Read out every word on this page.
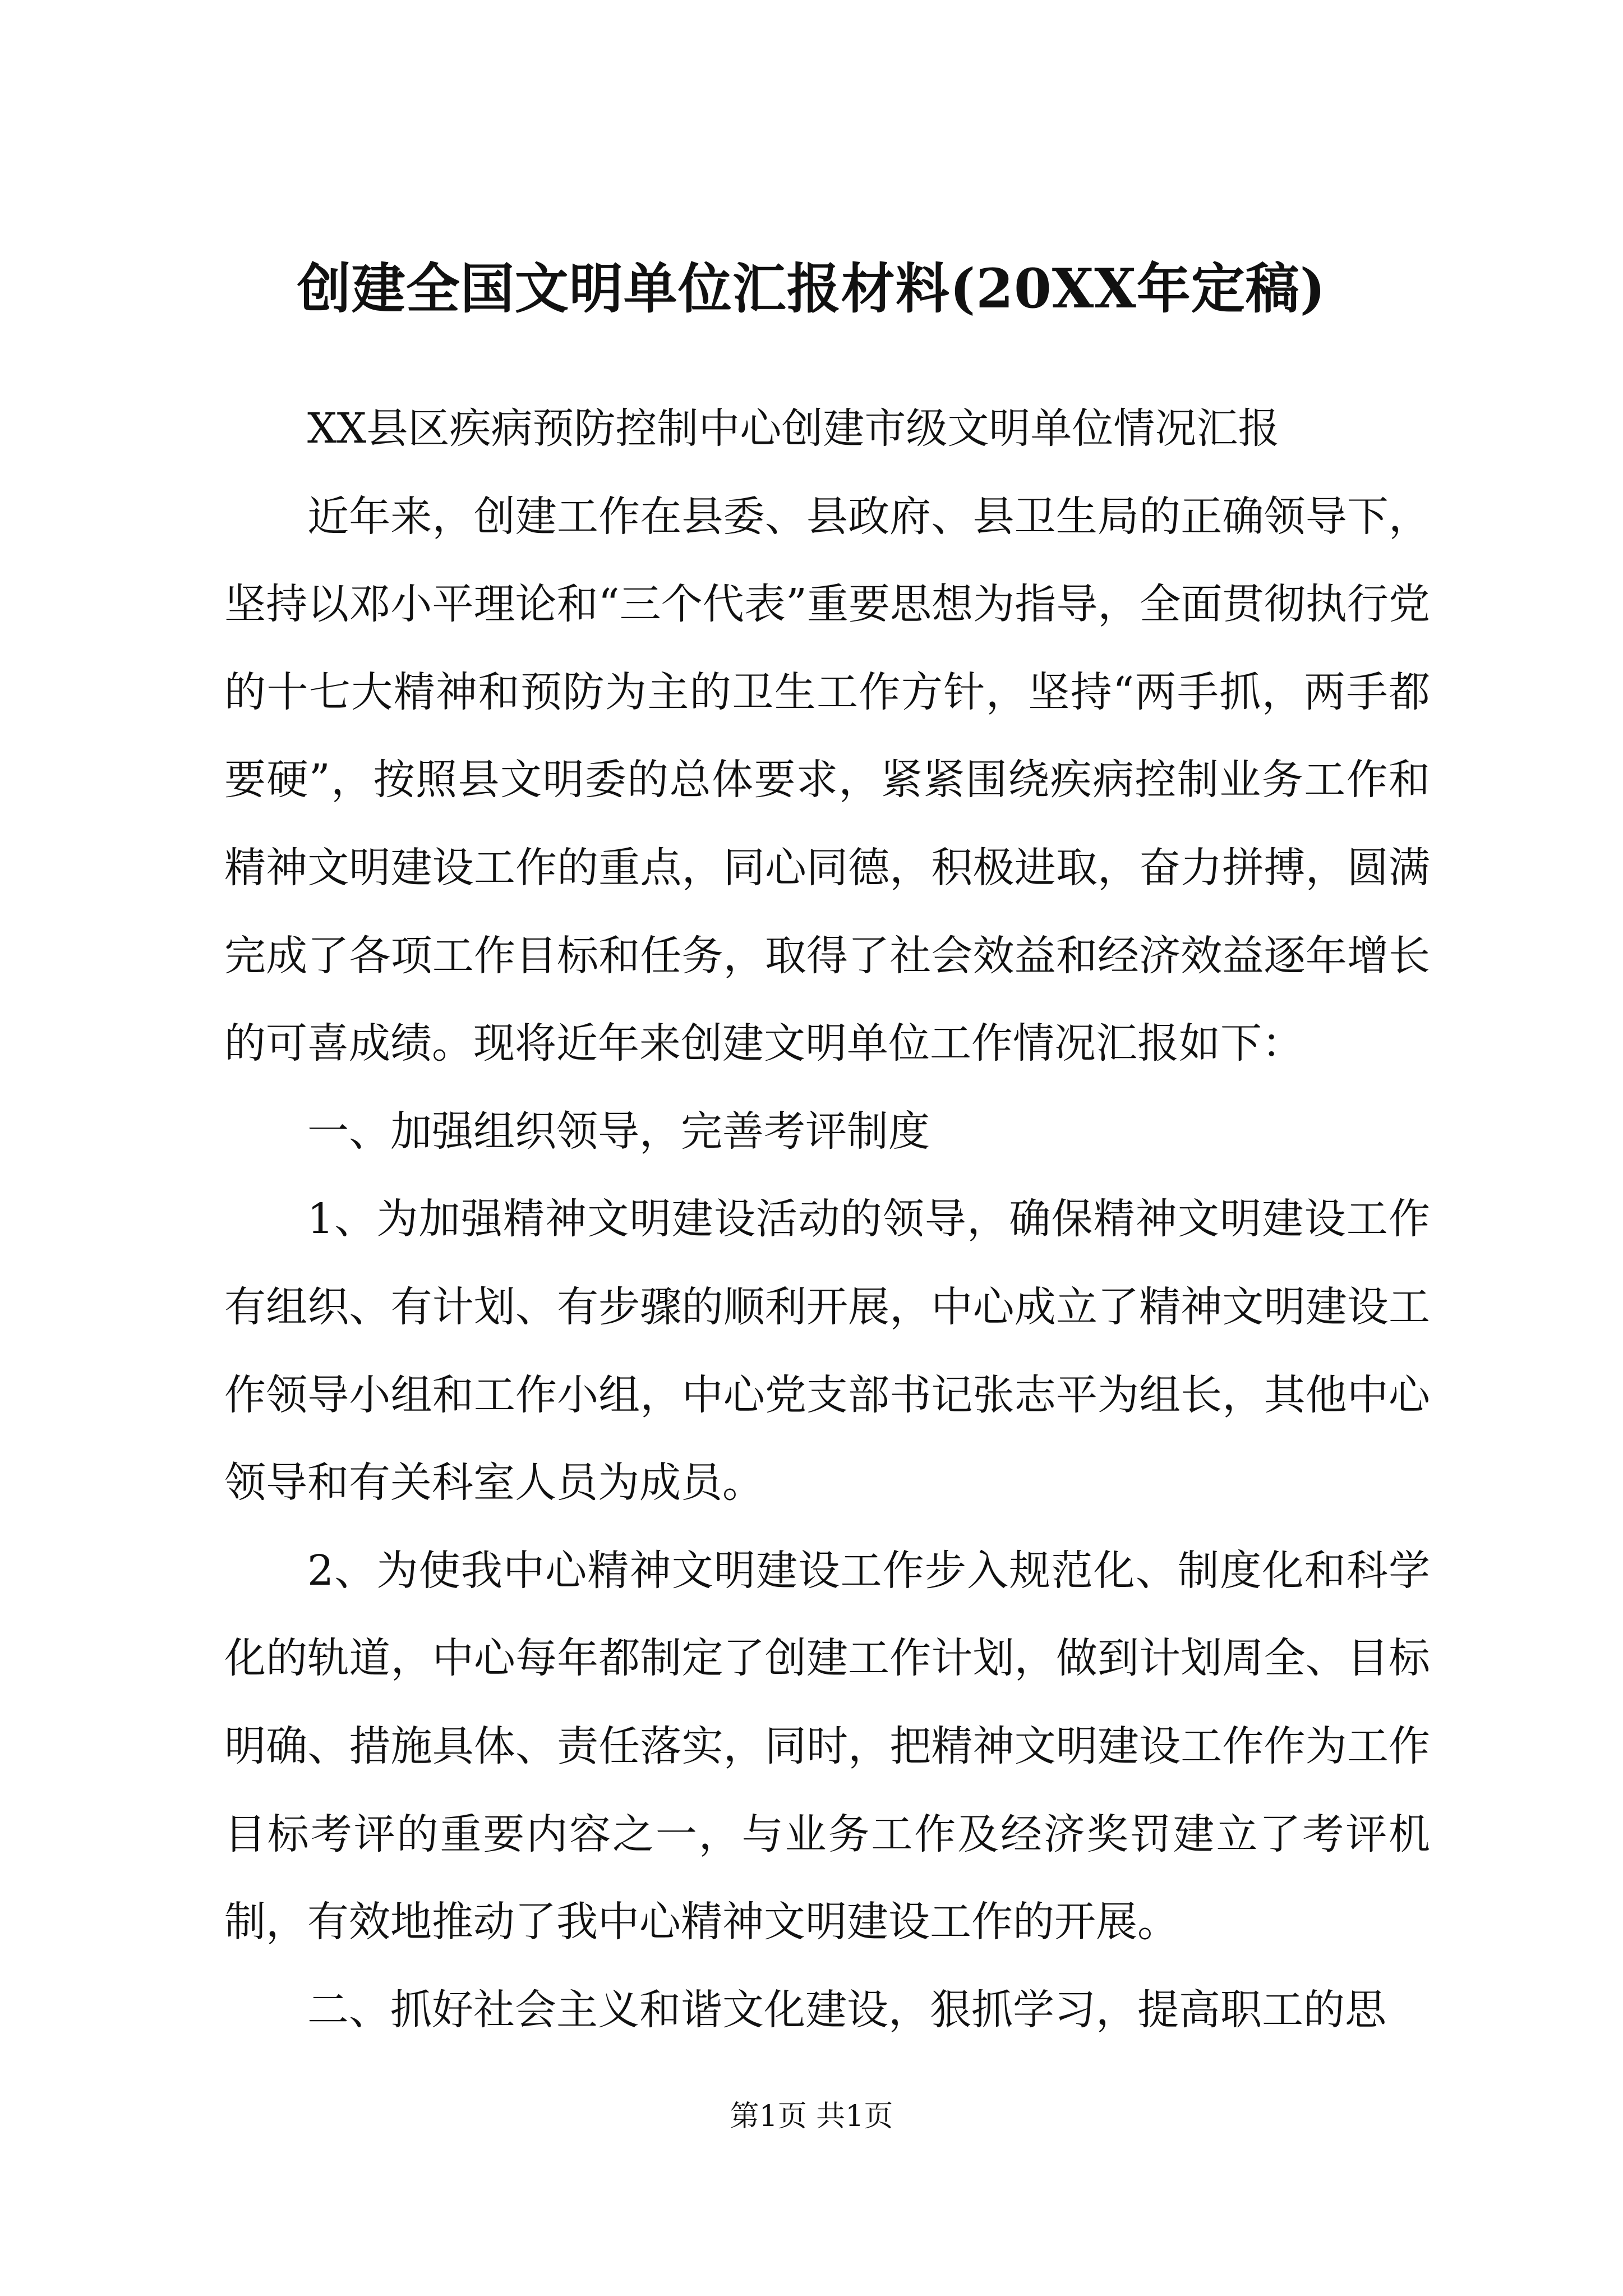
创建全国文明单位汇报材料(20XX年定稿)

XX县区疾病预防控制中心创建市级文明单位情况汇报

近年来，创建工作在县委、县政府、县卫生局的正确领导下，坚持以邓小平理论和“三个代表”重要思想为指导，全面贯彻执行党的十七大精神和预防为主的卫生工作方针，坚持“两手抓，两手都要硬”，按照县文明委的总体要求，紧紧围绕疾病控制业务工作和精神文明建设工作的重点，同心同德，积极进取，奋力拼搏，圆满完成了各项工作目标和任务，取得了社会效益和经济效益逐年增长的可喜成绩。现将近年来创建文明单位工作情况汇报如下：

一、加强组织领导，完善考评制度

1、为加强精神文明建设活动的领导，确保精神文明建设工作有组织、有计划、有步骤的顺利开展，中心成立了精神文明建设工作领导小组和工作小组，中心党支部书记张志平为组长，其他中心领导和有关科室人员为成员。

2、为使我中心精神文明建设工作步入规范化、制度化和科学化的轨道，中心每年都制定了创建工作计划，做到计划周全、目标明确、措施具体、责任落实，同时，把精神文明建设工作作为工作目标考评的重要内容之一，与业务工作及经济奖罚建立了考评机制，有效地推动了我中心精神文明建设工作的开展。

二、抓好社会主义和谐文化建设，狠抓学习，提高职工的思

第1页 共1页
